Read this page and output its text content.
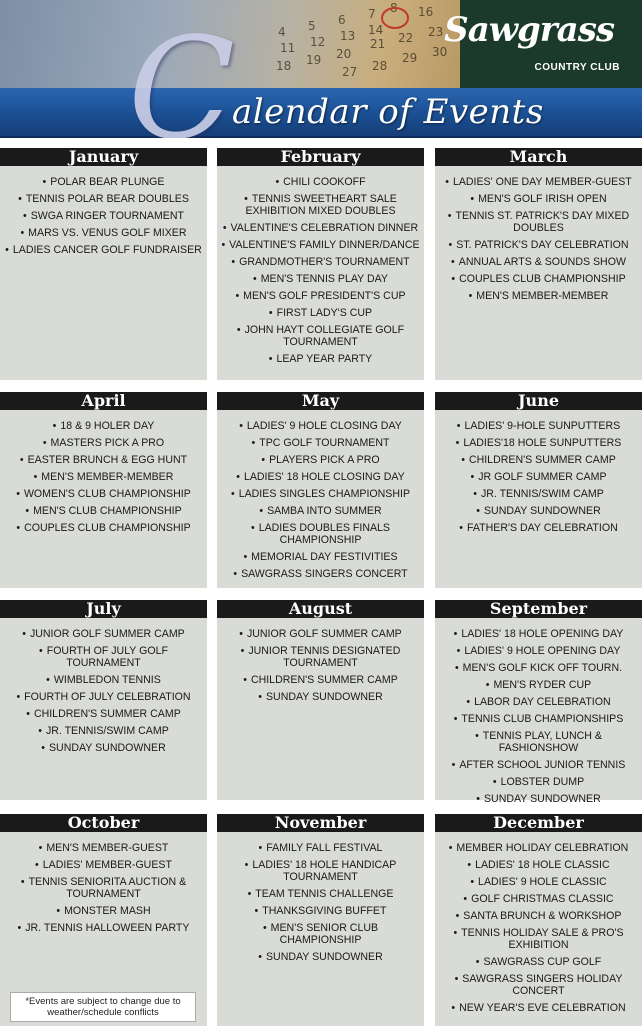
4 5 6 7 8 16
11 12 13 14
21 22 23
18 19 20
27 28
29 30
Sawgrass
COUNTRY CLUB
C
alendar of Events
January
• POLAR BEAR PLUNGE
• TENNIS POLAR BEAR DOUBLES
• SWGA RINGER TOURNAMENT
• MARS VS. VENUS GOLF MIXER
• LADIES CANCER GOLF FUNDRAISER
February
• CHILI COOKOFF
• TENNIS SWEETHEART SALE EXHIBITION MIXED DOUBLES
• VALENTINE'S CELEBRATION DINNER
• VALENTINE'S FAMILY DINNER/DANCE
• GRANDMOTHER'S TOURNAMENT
• MEN'S TENNIS PLAY DAY
• MEN'S GOLF PRESIDENT'S CUP
• FIRST LADY'S CUP
• JOHN HAYT COLLEGIATE GOLF TOURNAMENT
• LEAP YEAR PARTY
March
• LADIES' ONE DAY MEMBER-GUEST
• MEN'S GOLF IRISH OPEN
• TENNIS ST. PATRICK'S DAY MIXED DOUBLES
• ST. PATRICK'S DAY CELEBRATION
• ANNUAL ARTS & SOUNDS SHOW
• COUPLES CLUB CHAMPIONSHIP
• MEN'S MEMBER-MEMBER
April
• 18 & 9 HOLER DAY
• MASTERS PICK A PRO
• EASTER BRUNCH & EGG HUNT
• MEN'S MEMBER-MEMBER
• WOMEN'S CLUB CHAMPIONSHIP
• MEN'S CLUB CHAMPIONSHIP
• COUPLES CLUB CHAMPIONSHIP
May
• LADIES' 9 HOLE CLOSING DAY
• TPC GOLF TOURNAMENT
• PLAYERS PICK A PRO
• LADIES' 18 HOLE CLOSING DAY
• LADIES SINGLES CHAMPIONSHIP
• SAMBA INTO SUMMER
• LADIES DOUBLES FINALS CHAMPIONSHIP
• MEMORIAL DAY FESTIVITIES
• SAWGRASS SINGERS CONCERT
June
• LADIES' 9-HOLE SUNPUTTERS
• LADIES'18 HOLE SUNPUTTERS
• CHILDREN'S SUMMER CAMP
• JR GOLF SUMMER CAMP
• JR. TENNIS/SWIM CAMP
• SUNDAY SUNDOWNER
• FATHER'S DAY CELEBRATION
July
• JUNIOR GOLF SUMMER CAMP
• FOURTH OF JULY GOLF TOURNAMENT
• WIMBLEDON TENNIS
• FOURTH OF JULY CELEBRATION
• CHILDREN'S SUMMER CAMP
• JR. TENNIS/SWIM CAMP
• SUNDAY SUNDOWNER
August
• JUNIOR GOLF SUMMER CAMP
• JUNIOR TENNIS DESIGNATED TOURNAMENT
• CHILDREN'S SUMMER CAMP
• SUNDAY SUNDOWNER
September
• LADIES' 18 HOLE OPENING DAY
• LADIES' 9 HOLE OPENING DAY
• MEN'S GOLF KICK OFF TOURN.
• MEN'S RYDER CUP
• LABOR DAY CELEBRATION
• TENNIS CLUB CHAMPIONSHIPS
• TENNIS PLAY, LUNCH & FASHIONSHOW
• AFTER SCHOOL JUNIOR TENNIS
• LOBSTER DUMP
• SUNDAY SUNDOWNER
October
• MEN'S MEMBER-GUEST
• LADIES' MEMBER-GUEST
• TENNIS SENIORITA AUCTION & TOURNAMENT
• MONSTER MASH
• JR. TENNIS HALLOWEEN PARTY
November
• FAMILY FALL FESTIVAL
• LADIES' 18 HOLE HANDICAP TOURNAMENT
• TEAM TENNIS CHALLENGE
• THANKSGIVING BUFFET
• MEN'S SENIOR CLUB CHAMPIONSHIP
• SUNDAY SUNDOWNER
December
• MEMBER HOLIDAY CELEBRATION
• LADIES' 18 HOLE CLASSIC
• LADIES' 9 HOLE CLASSIC
• GOLF CHRISTMAS CLASSIC
• SANTA BRUNCH & WORKSHOP
• TENNIS HOLIDAY SALE & PRO'S EXHIBITION
• SAWGRASS CUP GOLF
• SAWGRASS SINGERS HOLIDAY CONCERT
• NEW YEAR'S EVE CELEBRATION
*Events are subject to change due to weather/schedule conflicts
